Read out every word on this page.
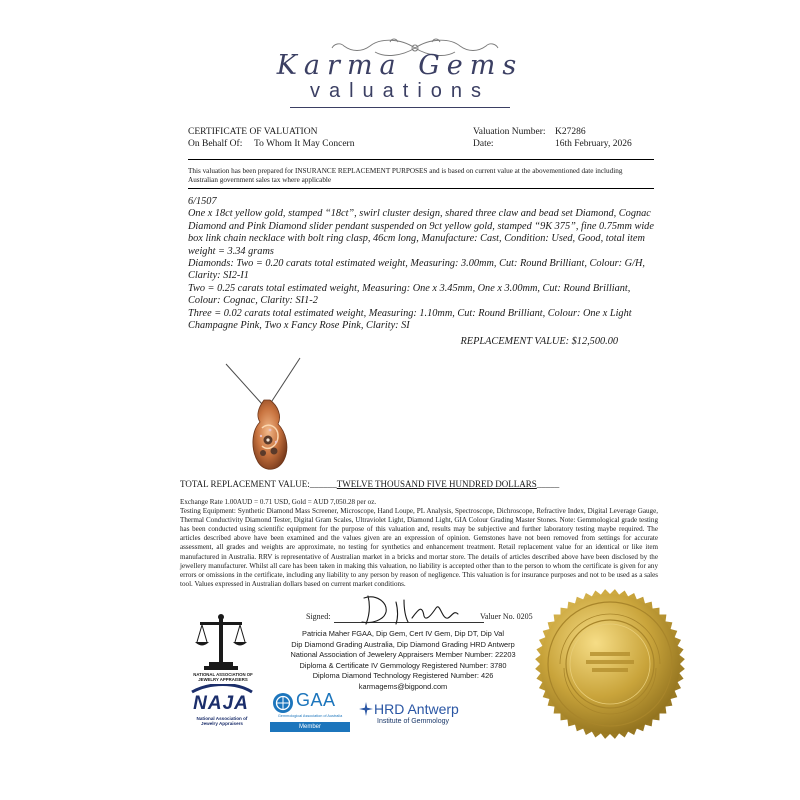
Karma Gems
valuations
CERTIFICATE OF VALUATION
On Behalf Of: To Whom It May Concern
Valuation Number: K27286
Date:	16th February, 2026
This valuation has been prepared for INSURANCE REPLACEMENT PURPOSES and is based on current value at the abovementioned date including
Australian government sales tax where applicable

6/1507

One x 18ct yellow gold, stamped “18ct”, swirl cluster design, shared three claw and bead set Diamond, Cognac Diamond and Pink Diamond slider pendant suspended on 9ct yellow gold, stamped “9K 375”, fine 0.75mm wide box link chain necklace with bolt ring clasp, 46cm long, Manufacture: Cast, Condition: Used, Good, total item weight = 3.34 grams

Diamonds: Two = 0.20 carats total estimated weight, Measuring: 3.00mm, Cut: Round Brilliant, Colour: G/H, Clarity: SI2-I1

Two = 0.25 carats total estimated weight, Measuring: One x 3.45mm, One x 3.00mm, Cut: Round Brilliant, Colour: Cognac, Clarity: SI1-2

Three = 0.02 carats total estimated weight, Measuring: 1.10mm, Cut: Round Brilliant, Colour: One x Light Champagne Pink, Two x Fancy Rose Pink, Clarity: SI

REPLACEMENT VALUE: $12,500.00

TOTAL REPLACEMENT VALUE:______TWELVE THOUSAND FIVE HUNDRED DOLLARS_____

Exchange Rate 1.00AUD = 0.71 USD, Gold = AUD 7,050.28 per oz.

Testing Equipment: Synthetic Diamond Mass Screener, Microscope, Hand Loupe, PL Analysis, Spectroscope, Dichroscope, Refractive Index, Digital Leverage Gauge, Thermal Conductivity Diamond Tester, Digital Gram Scales, Ultraviolet Light, Diamond Light, GIA Colour Grading Master Stones. Note: Gemmological grade testing has been conducted using scientific equipment for the purpose of this valuation and, results may be subjective and further laboratory testing maybe required. The articles described above have been examined and the values given are an expression of opinion. Gemstones have not been removed from settings for accurate assessment, all grades and weights are approximate, no testing for synthetics and enhancement treatment. Retail replacement value for an identical or like item manufactured in Australia. RRV is representative of Australian market in a bricks and mortar store. The details of articles described above have been disclosed by the jewellery manufacturer. Whilst all care has been taken in making this valuation, no liability is accepted other than to the person to whom the certificate is given for any errors or omissions in the certificate, including any liability to any person by reason of negligence. This valuation is for insurance purposes and not to be used as a sales tool. Values expressed in Australian dollars based on current market conditions.

Signed:	Valuer No. 0205
Patricia Maher FGAA, Dip Gem, Cert IV Gem, Dip DT, Dip Val
Dip Diamond Grading Australia, Dip Diamond Grading HRD Antwerp
National Association of Jewelery Appraisers Member Number: 22203
Diploma & Certificate IV Gemmology Registered Number: 3780
Diploma Diamond Technology Registered Number: 426
karmagems@bigpond.com
NATIONAL ASSOCIATION OF
JEWELRY APPRAISERS
NAJA
National Association of
Jewelry Appraisers
GAA
Gemmological Association of Australia
Member
HRD Antwerp
Institute of Gemmology
